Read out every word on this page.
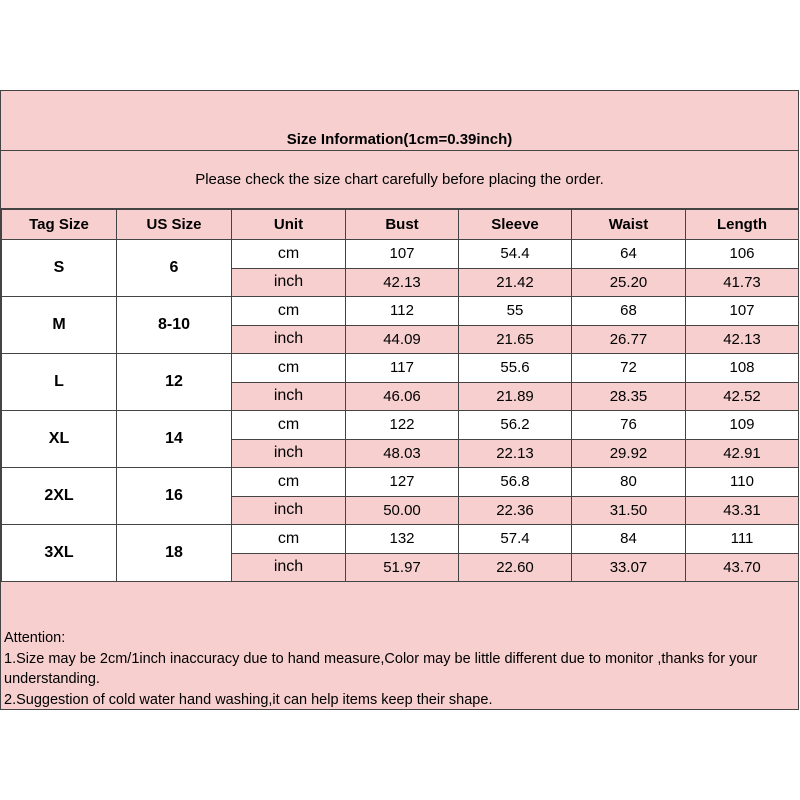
Size Information(1cm=0.39inch)
Please check the size chart carefully before placing the order.
Tag Size	US Size	Unit	Bust	Sleeve	Waist	Length
S	6	cm	107	54.4	64	106
		inch	42.13	21.42	25.20	41.73
M	8-10	cm	112	55	68	107
		inch	44.09	21.65	26.77	42.13
L	12	cm	117	55.6	72	108
		inch	46.06	21.89	28.35	42.52
XL	14	cm	122	56.2	76	109
		inch	48.03	22.13	29.92	42.91
2XL	16	cm	127	56.8	80	110
		inch	50.00	22.36	31.50	43.31
3XL	18	cm	132	57.4	84	111
		inch	51.97	22.60	33.07	43.70

Attention:

1.Size may be 2cm/1inch inaccuracy due to hand measure,Color may be little different due to monitor ,thanks for your understanding.

2.Suggestion of cold water hand washing,it can help items keep their shape.
